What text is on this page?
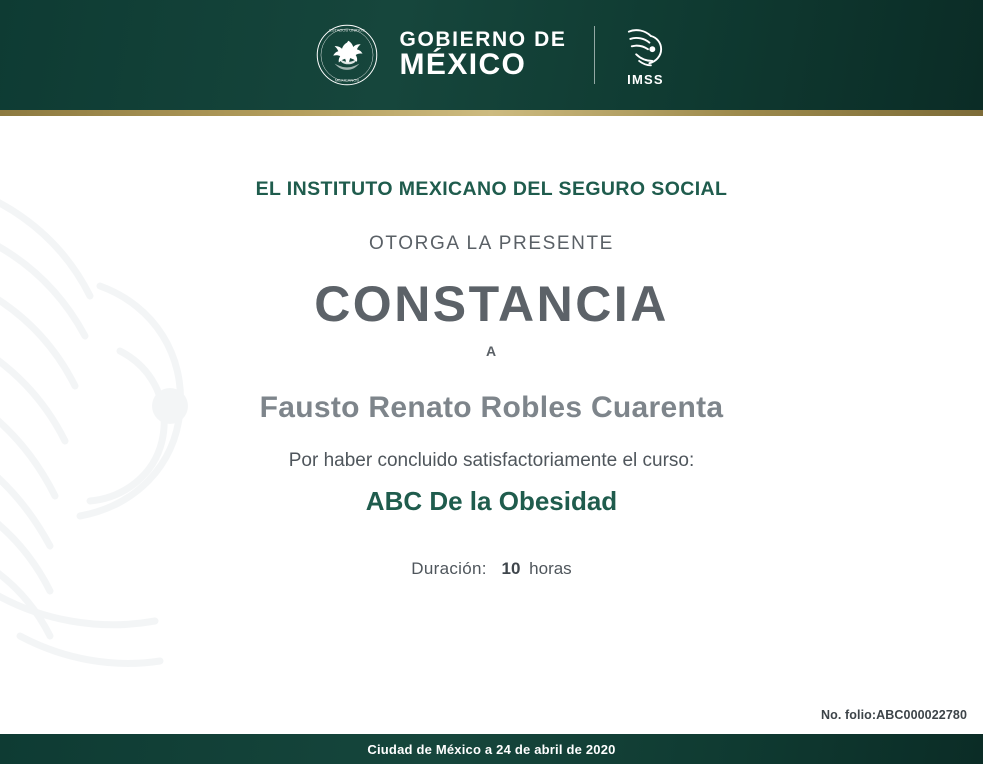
ESTADOS UNIDOS
MEXICANOS
GOBIERNO DE
MÉXICO	IMSS
EL INSTITUTO MEXICANO DEL SEGURO SOCIAL
OTORGA LA PRESENTE
CONSTANCIA
A
Fausto Renato Robles Cuarenta
Por haber concluido satisfactoriamente el curso:
ABC De la Obesidad
Duración: 10 horas
No. folio:ABC000022780
Ciudad de México a 24 de abril de 2020
